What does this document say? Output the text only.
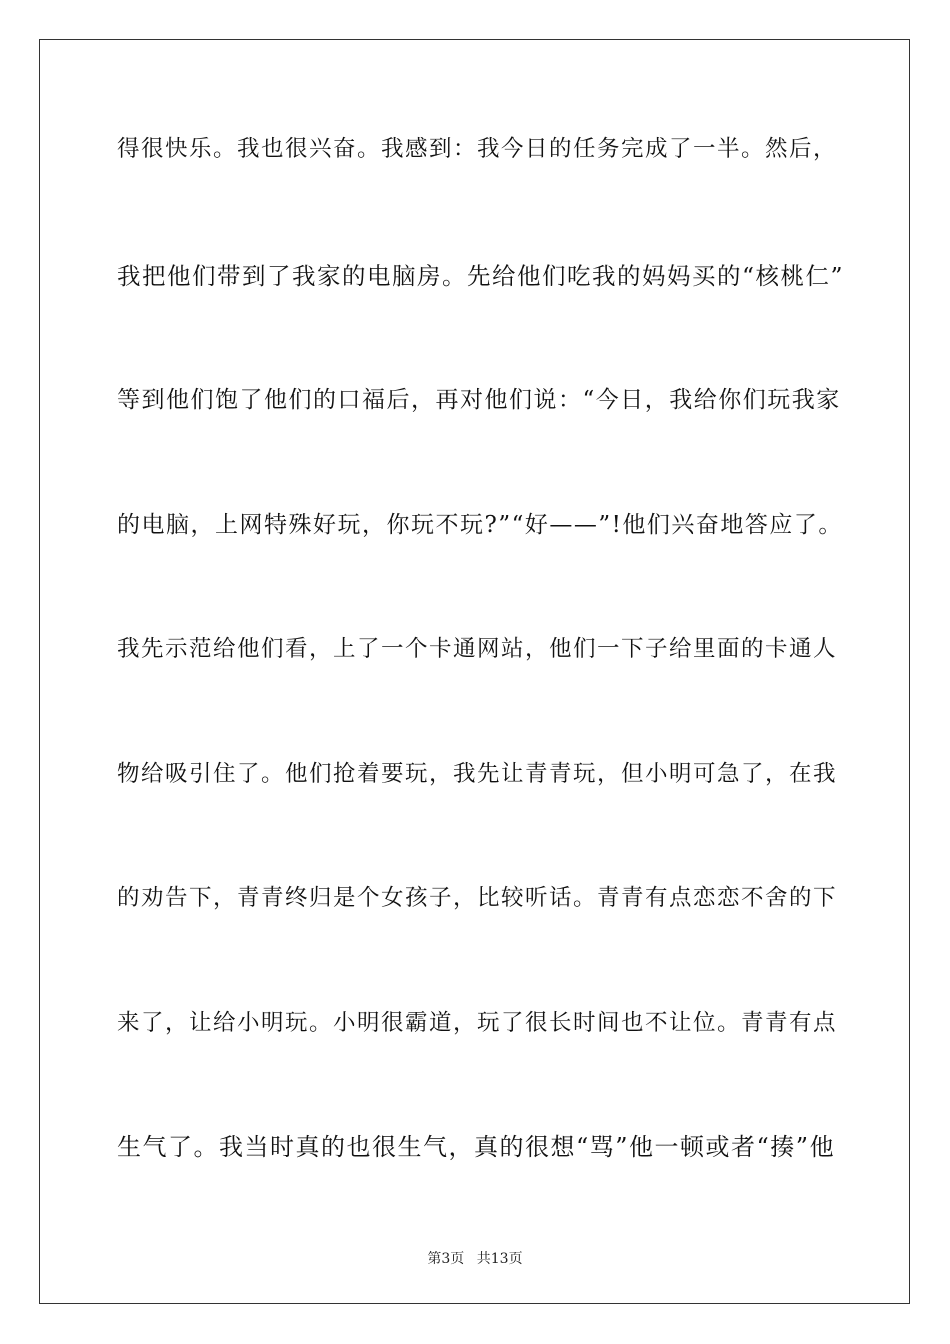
得很快乐。我也很兴奋。我感到：我今日的任务完成了一半。然后，
我把他们带到了我家的电脑房。先给他们吃我的妈妈买的“核桃仁”
等到他们饱了他们的口福后，再对他们说：“今日，我给你们玩我家
的电脑，上网特殊好玩，你玩不玩?”“好——”!他们兴奋地答应了。
我先示范给他们看，上了一个卡通网站，他们一下子给里面的卡通人
物给吸引住了。他们抢着要玩，我先让青青玩，但小明可急了，在我
的劝告下，青青终归是个女孩子，比较听话。青青有点恋恋不舍的下
来了，让给小明玩。小明很霸道，玩了很长时间也不让位。青青有点
生气了。我当时真的也很生气，真的很想“骂”他一顿或者“揍”他
第3页 共13页
